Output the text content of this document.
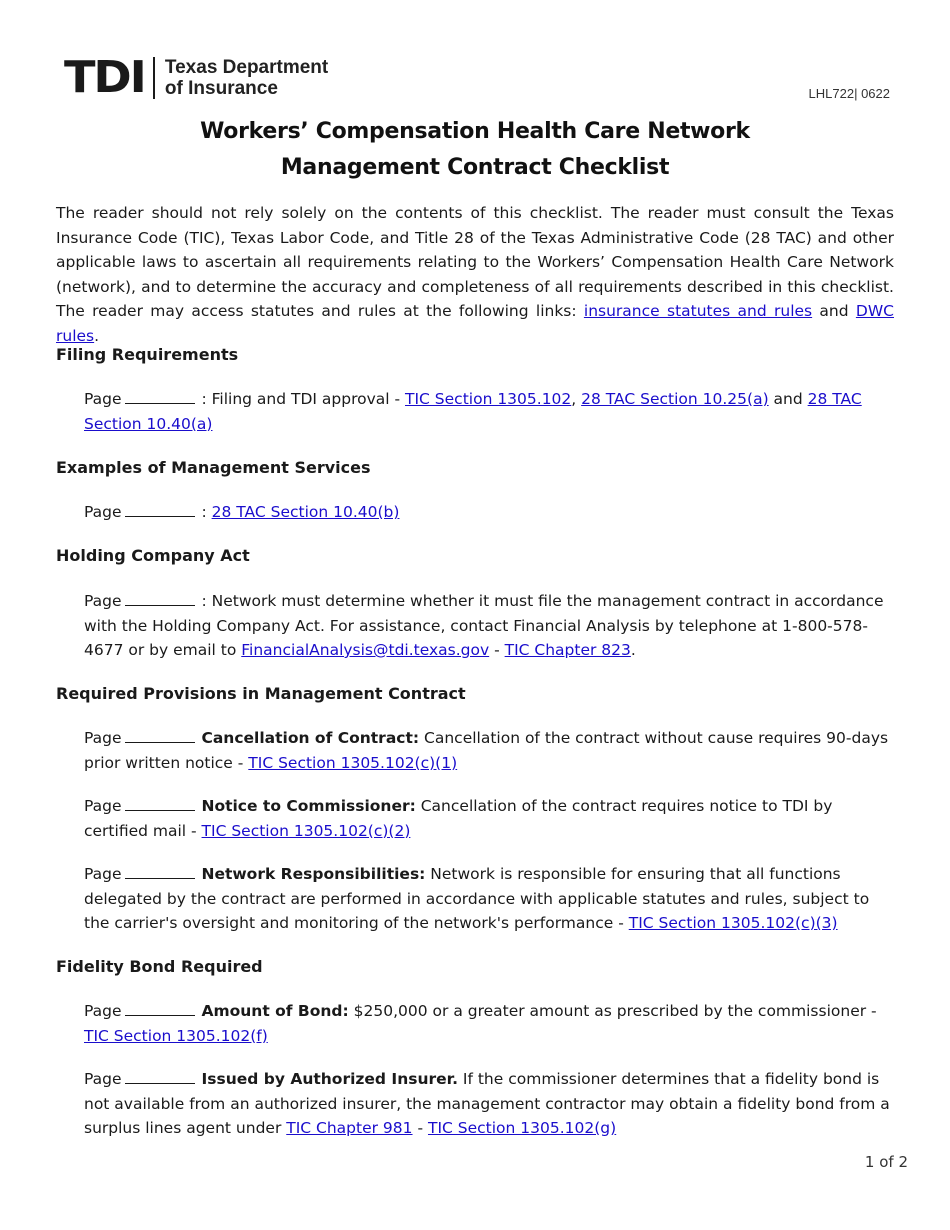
TDI Texas Department
of Insurance	LHL722| 0622
Workers’ Compensation Health Care Network
Management Contract Checklist
The reader should not rely solely on the contents of this checklist. The reader must consult the Texas Insurance Code (TIC), Texas Labor Code, and Title 28 of the Texas Administrative Code (28 TAC) and other applicable laws to ascertain all requirements relating to the Workers’ Compensation Health Care Network (network), and to determine the accuracy and completeness of all requirements described in this checklist. The reader may access statutes and rules at the following links: insurance statutes and rules and DWC rules.
Filing Requirements
Page	: Filing and TDI approval - TIC Section 1305.102, 28 TAC Section 10.25(a) and 28 TAC Section 10.40(a)
Examples of Management Services
Page	: 28 TAC Section 10.40(b)
Holding Company Act
Page	: Network must determine whether it must file the management contract in accordance with the Holding Company Act. For assistance, contact Financial Analysis by telephone at 1-800-578-4677 or by email to FinancialAnalysis@tdi.texas.gov - TIC Chapter 823.
Required Provisions in Management Contract
Page	Cancellation of Contract: Cancellation of the contract without cause requires 90-days prior written notice - TIC Section 1305.102(c)(1)
Page	Notice to Commissioner: Cancellation of the contract requires notice to TDI by certified mail - TIC Section 1305.102(c)(2)
Page	Network Responsibilities: Network is responsible for ensuring that all functions delegated by the contract are performed in accordance with applicable statutes and rules, subject to the carrier's oversight and monitoring of the network's performance - TIC Section 1305.102(c)(3)
Fidelity Bond Required
Page	Amount of Bond: $250,000 or a greater amount as prescribed by the commissioner - TIC Section 1305.102(f)
Page	Issued by Authorized Insurer. If the commissioner determines that a fidelity bond is not available from an authorized insurer, the management contractor may obtain a fidelity bond from a surplus lines agent under TIC Chapter 981 - TIC Section 1305.102(g)
1 of 2
